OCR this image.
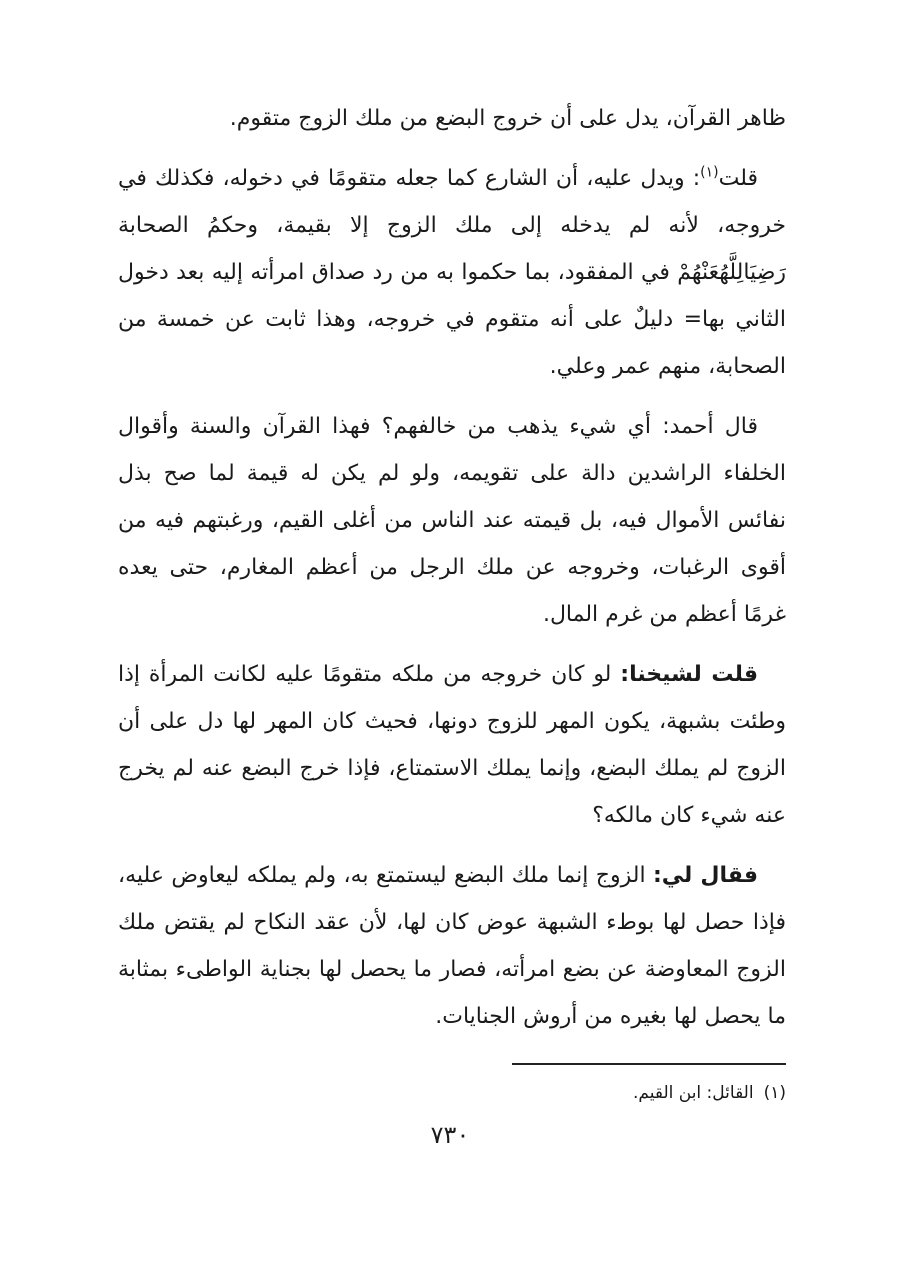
ظاهر القرآن، يدل على أن خروج البضع من ملك الزوج متقوم.

قلت$^{(١)}$: ويدل عليه، أن الشارع كما جعله متقومًا في دخوله، فكذلك في خروجه، لأنه لم يدخله إلى ملك الزوج إلا بقيمة، وحكمُ الصحابة رَضِيَالِلَّهُعَنْهُمْ في المفقود، بما حكموا به من رد صداق امرأته إليه بعد دخول الثاني بها= دليلٌ على أنه متقوم في خروجه، وهذا ثابت عن خمسة من الصحابة، منهم عمر وعلي.

قال أحمد: أي شيء يذهب من خالفهم؟ فهذا القرآن والسنة وأقوال الخلفاء الراشدين دالة على تقويمه، ولو لم يكن له قيمة لما صح بذل نفائس الأموال فيه، بل قيمته عند الناس من أغلى القيم، ورغبتهم فيه من أقوى الرغبات، وخروجه عن ملك الرجل من أعظم المغارم، حتى يعده غرمًا أعظم من غرم المال.

قلت لشيخنا: لو كان خروجه من ملكه متقومًا عليه لكانت المرأة إذا وطئت بشبهة، يكون المهر للزوج دونها، فحيث كان المهر لها دل على أن الزوج لم يملك البضع، وإنما يملك الاستمتاع، فإذا خرج البضع عنه لم يخرج عنه شيء كان مالكه؟

فقال لي: الزوج إنما ملك البضع ليستمتع به، ولم يملكه ليعاوض عليه، فإذا حصل لها بوطء الشبهة عوض كان لها، لأن عقد النكاح لم يقتض ملك الزوج المعاوضة عن بضع امرأته، فصار ما يحصل لها بجناية الواطىء بمثابة ما يحصل لها بغيره من أروش الجنايات.

(١)القائل: ابن القيم.
٧٣٠
